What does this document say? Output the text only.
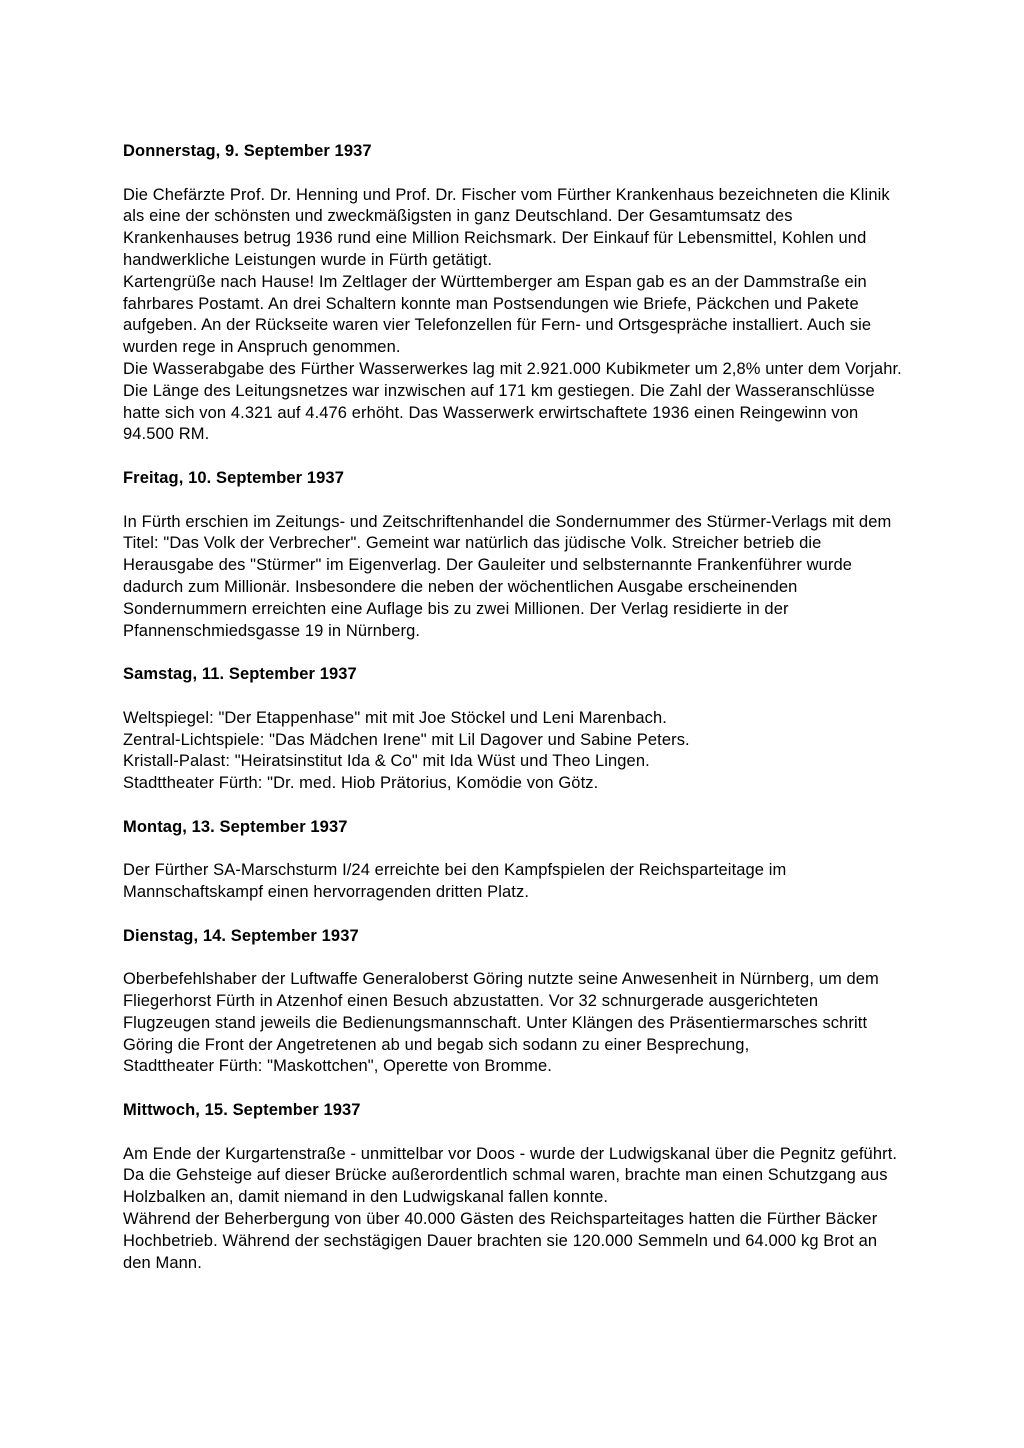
Donnerstag, 9. September 1937

Die Chefärzte Prof. Dr. Henning und Prof. Dr. Fischer vom Fürther Krankenhaus bezeichneten die Klinik als eine der schönsten und zweckmäßigsten in ganz Deutschland. Der Gesamtumsatz des Krankenhauses betrug 1936 rund eine Million Reichsmark. Der Einkauf für Lebensmittel, Kohlen und handwerkliche Leistungen wurde in Fürth getätigt.

Kartengrüße nach Hause! Im Zeltlager der Württemberger am Espan gab es an der Dammstraße ein fahrbares Postamt. An drei Schaltern konnte man Postsendungen wie Briefe, Päckchen und Pakete aufgeben. An der Rückseite waren vier Telefonzellen für Fern- und Ortsgespräche installiert. Auch sie wurden rege in Anspruch genommen.

Die Wasserabgabe des Fürther Wasserwerkes lag mit 2.921.000 Kubikmeter um 2,8% unter dem Vorjahr. Die Länge des Leitungsnetzes war inzwischen auf 171 km gestiegen. Die Zahl der Wasseranschlüsse hatte sich von 4.321 auf 4.476 erhöht. Das Wasserwerk erwirtschaftete 1936 einen Reingewinn von 94.500 RM.

Freitag, 10. September 1937

In Fürth erschien im Zeitungs- und Zeitschriftenhandel die Sondernummer des Stürmer-Verlags mit dem Titel: "Das Volk der Verbrecher". Gemeint war natürlich das jüdische Volk. Streicher betrieb die Herausgabe des "Stürmer" im Eigenverlag. Der Gauleiter und selbsternannte Frankenführer wurde dadurch zum Millionär. Insbesondere die neben der wöchentlichen Ausgabe erscheinenden Sondernummern erreichten eine Auflage bis zu zwei Millionen. Der Verlag residierte in der Pfannenschmiedsgasse 19 in Nürnberg.

Samstag, 11. September 1937

Weltspiegel: "Der Etappenhase" mit mit Joe Stöckel und Leni Marenbach.

Zentral-Lichtspiele: "Das Mädchen Irene" mit Lil Dagover und Sabine Peters.

Kristall-Palast: "Heiratsinstitut Ida & Co" mit Ida Wüst und Theo Lingen.

Stadttheater Fürth: "Dr. med. Hiob Prätorius, Komödie von Götz.

Montag, 13. September 1937

Der Fürther SA-Marschsturm I/24 erreichte bei den Kampfspielen der Reichsparteitage im Mannschaftskampf einen hervorragenden dritten Platz.

Dienstag, 14. September 1937

Oberbefehlshaber der Luftwaffe Generaloberst Göring nutzte seine Anwesenheit in Nürnberg, um dem Fliegerhorst Fürth in Atzenhof einen Besuch abzustatten. Vor 32 schnurgerade ausgerichteten Flugzeugen stand jeweils die Bedienungsmannschaft. Unter Klängen des Präsentiermarsches schritt Göring die Front der Angetretenen ab und begab sich sodann zu einer Besprechung,

Stadttheater Fürth: "Maskottchen", Operette von Bromme.

Mittwoch, 15. September 1937

Am Ende der Kurgartenstraße - unmittelbar vor Doos - wurde der Ludwigskanal über die Pegnitz geführt. Da die Gehsteige auf dieser Brücke außerordentlich schmal waren, brachte man einen Schutzgang aus Holzbalken an, damit niemand in den Ludwigskanal fallen konnte.

Während der Beherbergung von über 40.000 Gästen des Reichsparteitages hatten die Fürther Bäcker Hochbetrieb. Während der sechstägigen Dauer brachten sie 120.000 Semmeln und 64.000 kg Brot an den Mann.
